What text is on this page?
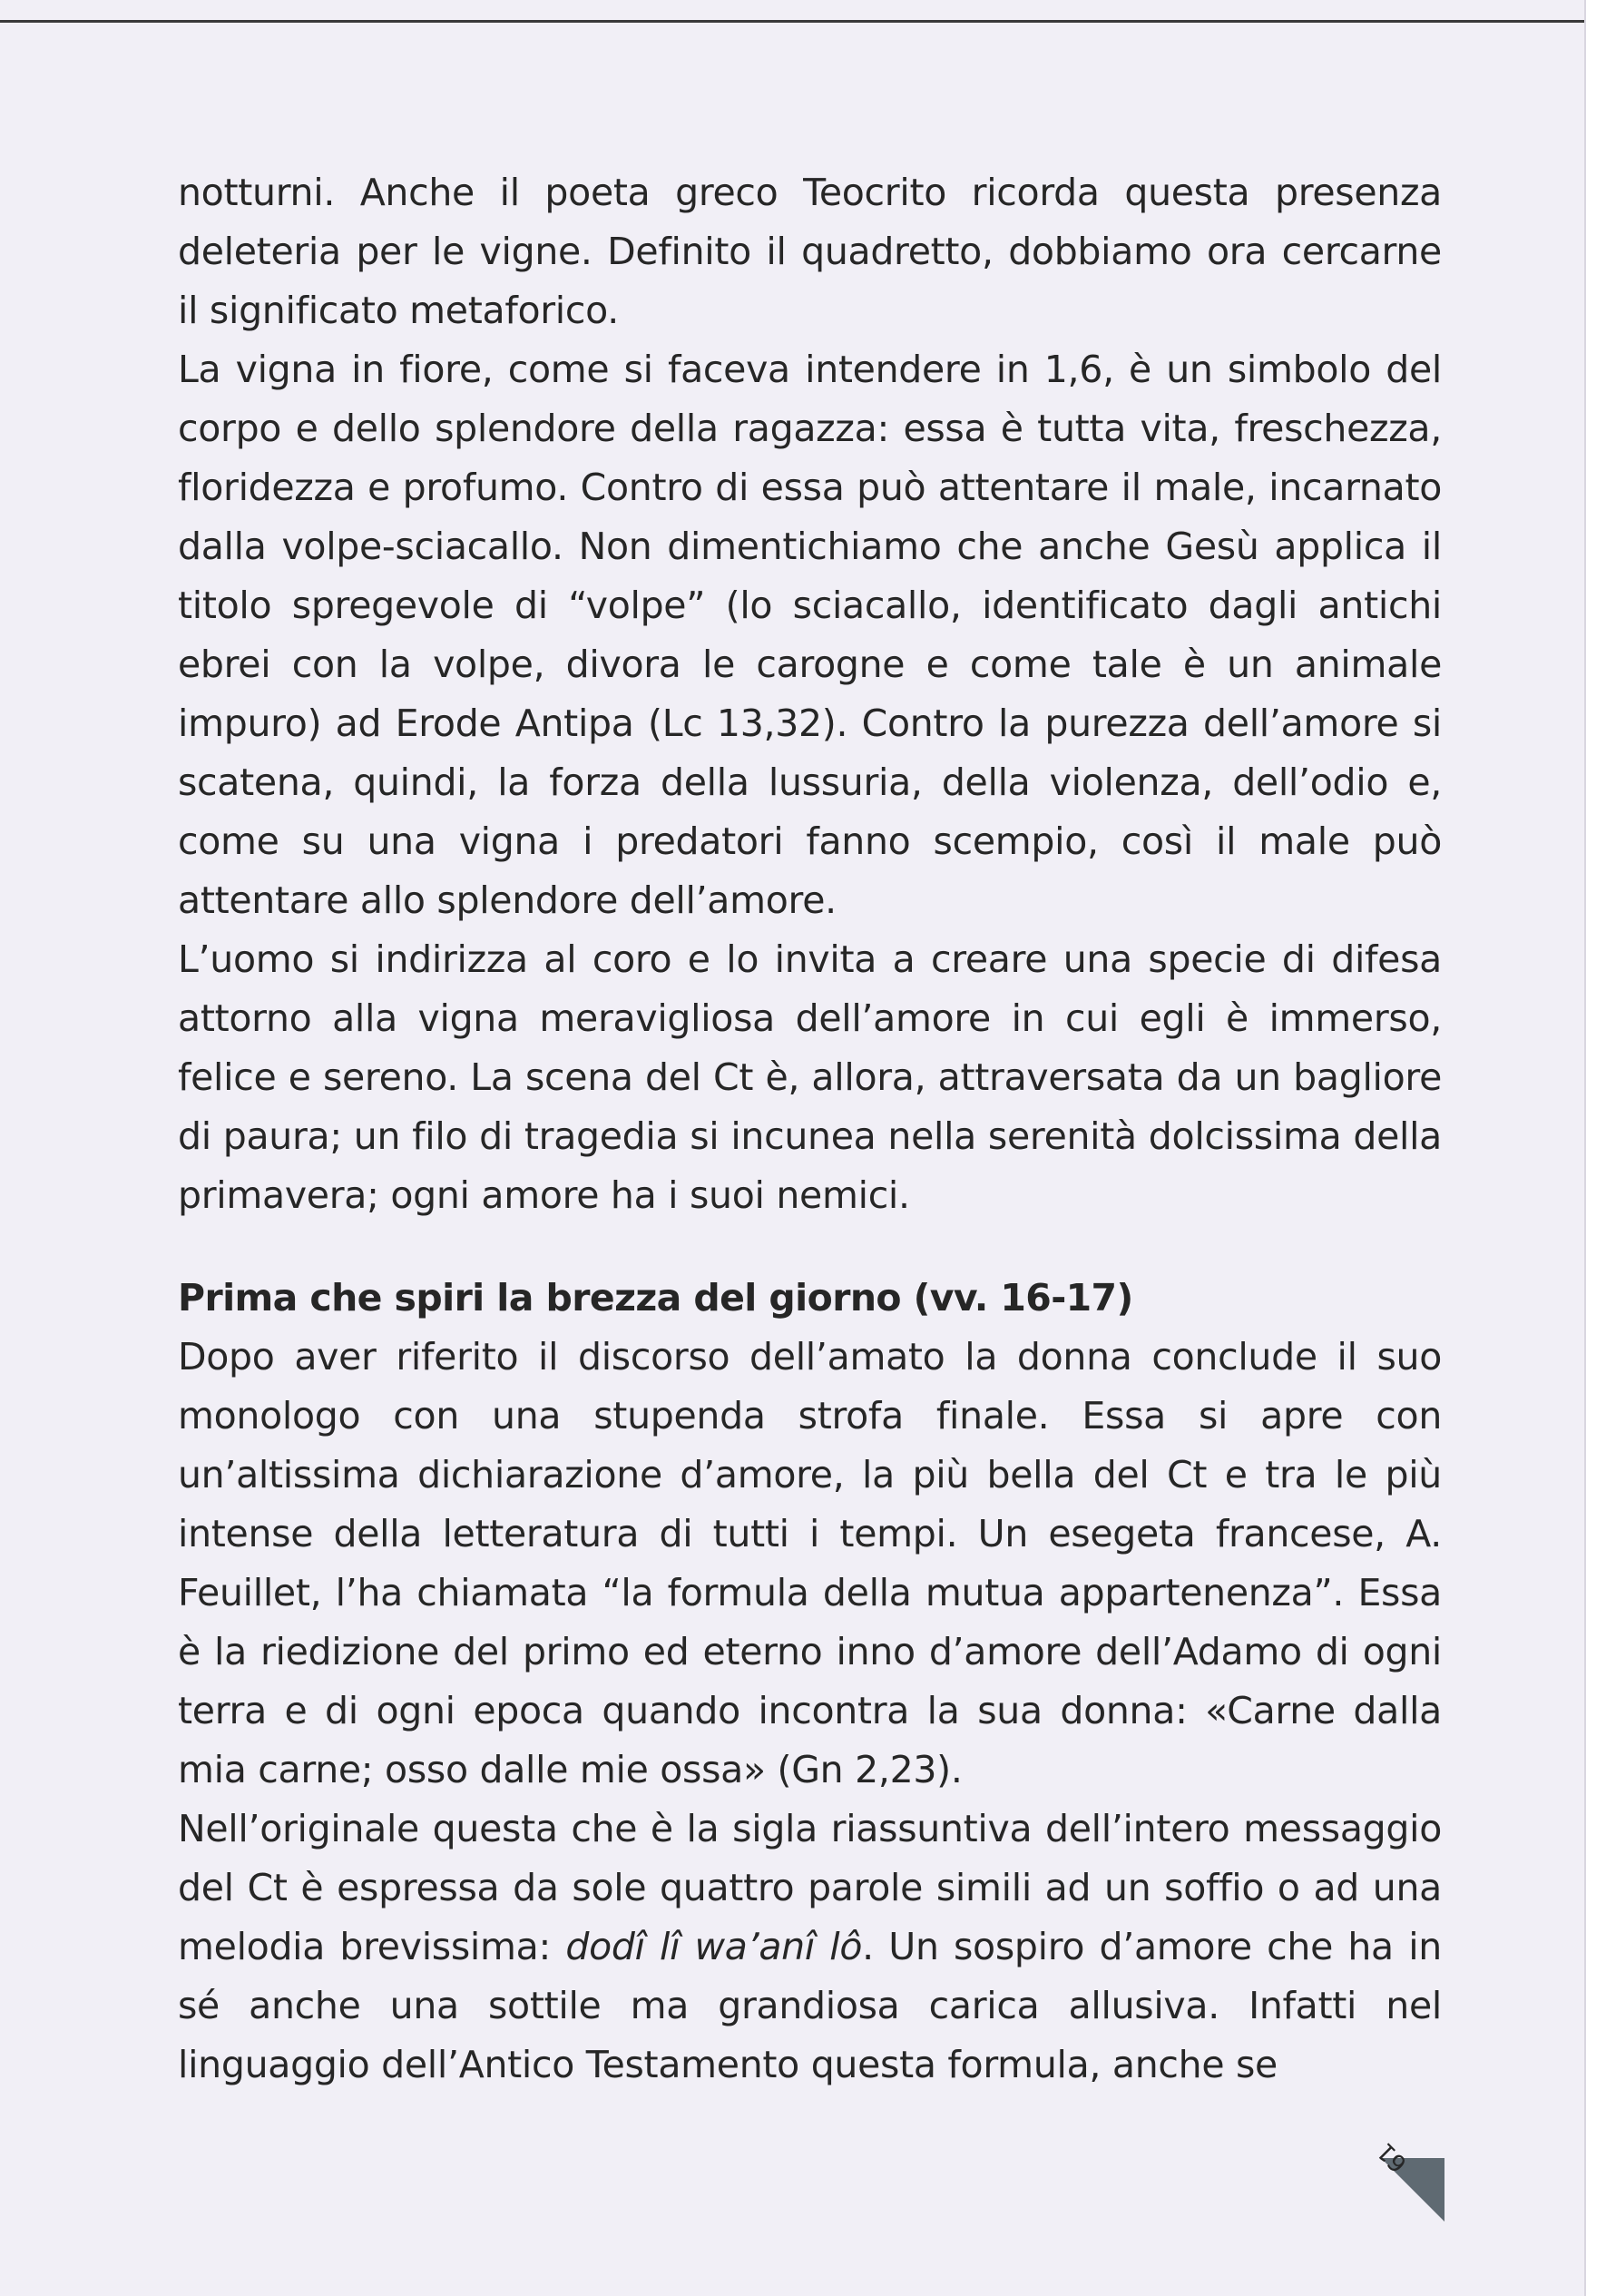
notturni. Anche il poeta greco Teocrito ricorda questa presenza deleteria per le vigne. Definito il quadretto, dobbiamo ora cercarne il significato metaforico.

La vigna in fiore, come si faceva intendere in 1,6, è un simbolo del corpo e dello splendore della ragazza: essa è tutta vita, freschezza, floridezza e profumo. Contro di essa può attentare il male, incarnato dalla volpe-sciacallo. Non dimentichiamo che anche Gesù applica il titolo spregevole di “volpe” (lo sciacallo, identificato dagli antichi ebrei con la volpe, divora le carogne e come tale è un animale impuro) ad Erode Antipa (Lc 13,32). Contro la purezza dell’amore si scatena, quindi, la forza della lussuria, della violenza, dell’odio e, come su una vigna i predatori fanno scempio, così il male può attentare allo splendore dell’amore.

L’uomo si indirizza al coro e lo invita a creare una specie di difesa attorno alla vigna meravigliosa dell’amore in cui egli è immerso, felice e sereno. La scena del Ct è, allora, attraversata da un bagliore di paura; un filo di tragedia si incunea nella serenità dolcissima della primavera; ogni amore ha i suoi nemici.

Prima che spiri la brezza del giorno (vv. 16-17)

Dopo aver riferito il discorso dell’amato la donna conclude il suo monologo con una stupenda strofa finale. Essa si apre con un’altissima dichiarazione d’amore, la più bella del Ct e tra le più intense della letteratura di tutti i tempi. Un esegeta francese, A. Feuillet, l’ha chiamata “la formula della mutua appartenenza”. Essa è la riedizione del primo ed eterno inno d’amore dell’Adamo di ogni terra e di ogni epoca quando incontra la sua donna: «Carne dalla mia carne; osso dalle mie ossa» (Gn 2,23).

Nell’originale questa che è la sigla riassuntiva dell’intero messaggio del Ct è espressa da sole quattro parole simili ad un soffio o ad una melodia brevissima: dodî lî wa’anî lô. Un sospiro d’amore che ha in sé anche una sottile ma grandiosa carica allusiva. Infatti nel linguaggio dell’Antico Testamento questa formula, anche se

61
